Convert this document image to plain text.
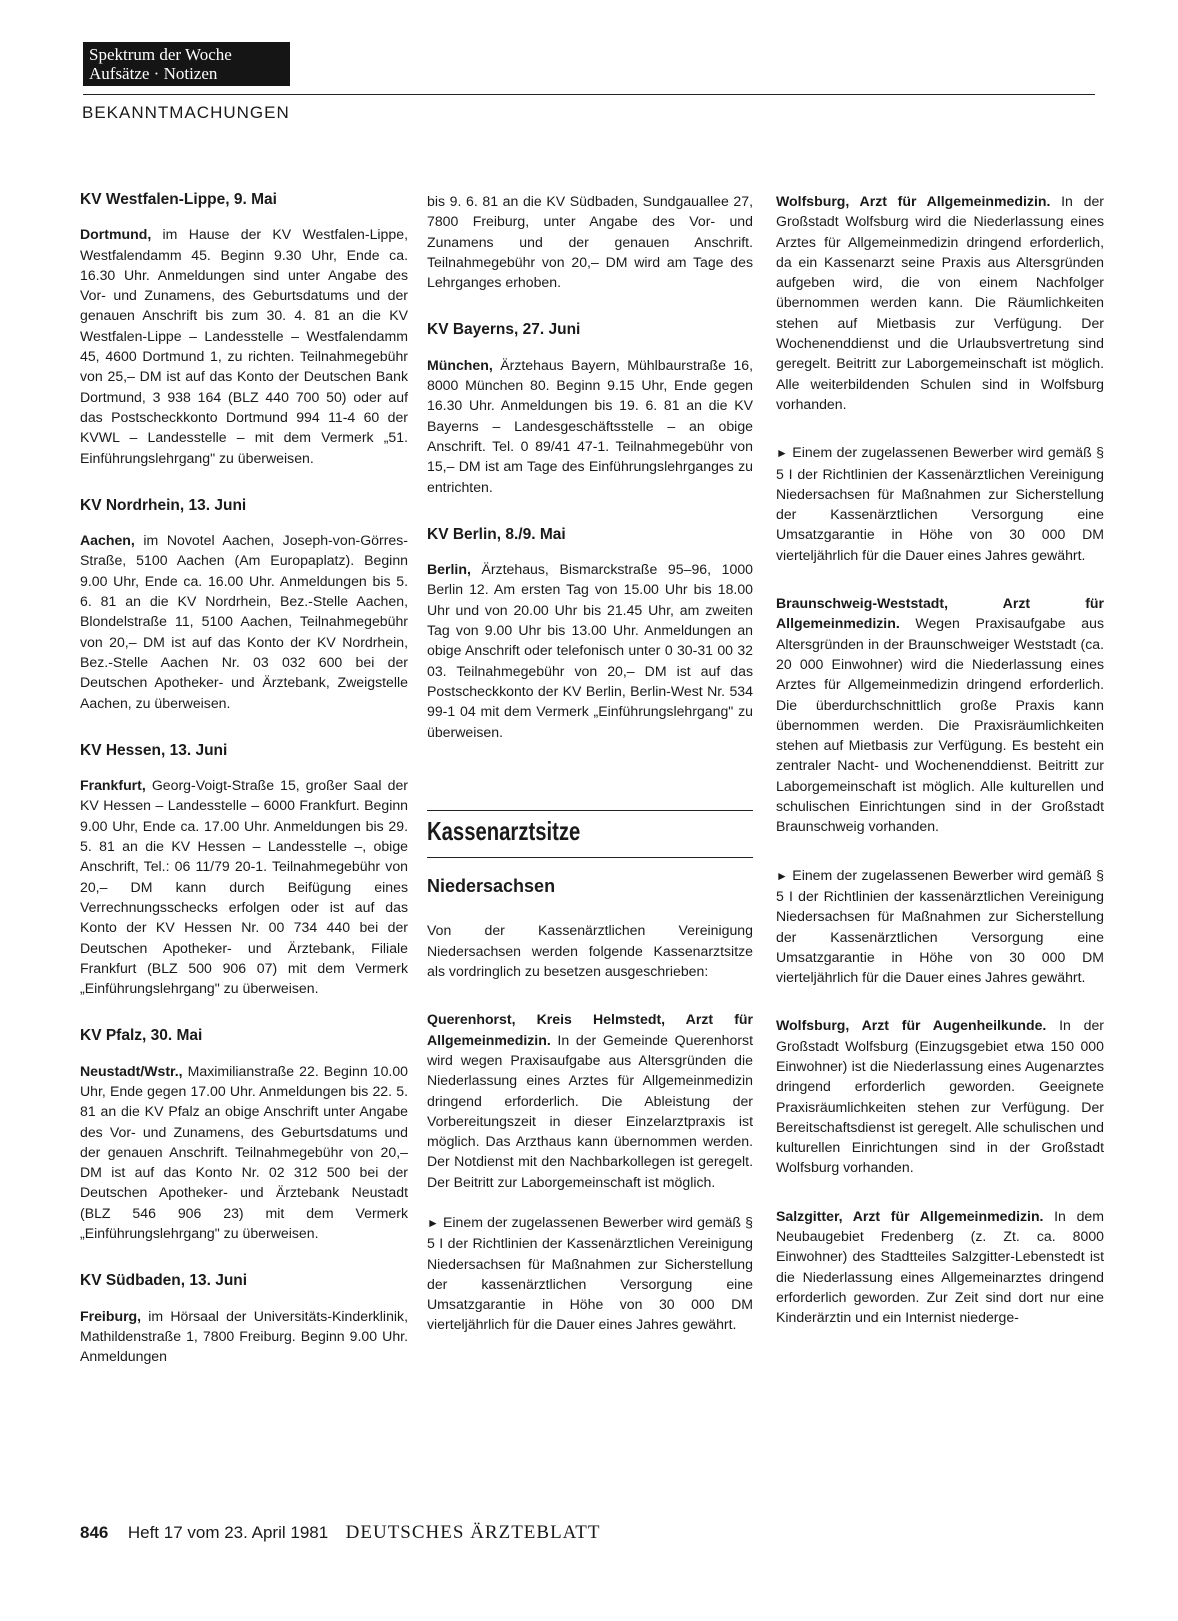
Spektrum der Woche
Aufsätze · Notizen
BEKANNTMACHUNGEN
KV Westfalen-Lippe, 9. Mai

Dortmund, im Hause der KV Westfalen-Lippe, Westfalendamm 45. Beginn 9.30 Uhr, Ende ca. 16.30 Uhr. Anmeldungen sind unter Angabe des Vor- und Zunamens, des Geburtsdatums und der genauen Anschrift bis zum 30. 4. 81 an die KV Westfalen-Lippe – Landesstelle – Westfalendamm 45, 4600 Dortmund 1, zu richten. Teilnahmegebühr von 25,– DM ist auf das Konto der Deutschen Bank Dortmund, 3 938 164 (BLZ 440 700 50) oder auf das Postscheckkonto Dortmund 994 11-4 60 der KVWL – Landesstelle – mit dem Vermerk „51. Einführungslehrgang" zu überweisen.

KV Nordrhein, 13. Juni

Aachen, im Novotel Aachen, Joseph-von-Görres-Straße, 5100 Aachen (Am Europaplatz). Beginn 9.00 Uhr, Ende ca. 16.00 Uhr. Anmeldungen bis 5. 6. 81 an die KV Nordrhein, Bez.-Stelle Aachen, Blondelstraße 11, 5100 Aachen, Teilnahmegebühr von 20,– DM ist auf das Konto der KV Nordrhein, Bez.-Stelle Aachen Nr. 03 032 600 bei der Deutschen Apotheker- und Ärztebank, Zweigstelle Aachen, zu überweisen.

KV Hessen, 13. Juni

Frankfurt, Georg-Voigt-Straße 15, großer Saal der KV Hessen – Landesstelle – 6000 Frankfurt. Beginn 9.00 Uhr, Ende ca. 17.00 Uhr. Anmeldungen bis 29. 5. 81 an die KV Hessen – Landesstelle –, obige Anschrift, Tel.: 06 11/79 20-1. Teilnahmegebühr von 20,– DM kann durch Beifügung eines Verrechnungsschecks erfolgen oder ist auf das Konto der KV Hessen Nr. 00 734 440 bei der Deutschen Apotheker- und Ärztebank, Filiale Frankfurt (BLZ 500 906 07) mit dem Vermerk „Einführungslehrgang" zu überweisen.

KV Pfalz, 30. Mai

Neustadt/Wstr., Maximilianstraße 22. Beginn 10.00 Uhr, Ende gegen 17.00 Uhr. Anmeldungen bis 22. 5. 81 an die KV Pfalz an obige Anschrift unter Angabe des Vor- und Zunamens, des Geburtsdatums und der genauen Anschrift. Teilnahmegebühr von 20,– DM ist auf das Konto Nr. 02 312 500 bei der Deutschen Apotheker- und Ärztebank Neustadt (BLZ 546 906 23) mit dem Vermerk „Einführungslehrgang" zu überweisen.

KV Südbaden, 13. Juni

Freiburg, im Hörsaal der Universitäts-Kinderklinik, Mathildenstraße 1, 7800 Freiburg. Beginn 9.00 Uhr. Anmeldungen

bis 9. 6. 81 an die KV Südbaden, Sundgauallee 27, 7800 Freiburg, unter Angabe des Vor- und Zunamens und der genauen Anschrift. Teilnahmegebühr von 20,– DM wird am Tage des Lehrganges erhoben.

KV Bayerns, 27. Juni

München, Ärztehaus Bayern, Mühlbaurstraße 16, 8000 München 80. Beginn 9.15 Uhr, Ende gegen 16.30 Uhr. Anmeldungen bis 19. 6. 81 an die KV Bayerns – Landesgeschäftsstelle – an obige Anschrift. Tel. 0 89/41 47-1. Teilnahmegebühr von 15,– DM ist am Tage des Einführungslehrganges zu entrichten.

KV Berlin, 8./9. Mai

Berlin, Ärztehaus, Bismarckstraße 95–96, 1000 Berlin 12. Am ersten Tag von 15.00 Uhr bis 18.00 Uhr und von 20.00 Uhr bis 21.45 Uhr, am zweiten Tag von 9.00 Uhr bis 13.00 Uhr. Anmeldungen an obige Anschrift oder telefonisch unter 0 30-31 00 32 03. Teilnahmegebühr von 20,– DM ist auf das Postscheckkonto der KV Berlin, Berlin-West Nr. 534 99-1 04 mit dem Vermerk „Einführungslehrgang" zu überweisen.

Kassenarztsitze
Niedersachsen

Von der Kassenärztlichen Vereinigung Niedersachsen werden folgende Kassenarztsitze als vordringlich zu besetzen ausgeschrieben:

Querenhorst, Kreis Helmstedt, Arzt für Allgemeinmedizin. In der Gemeinde Querenhorst wird wegen Praxisaufgabe aus Altersgründen die Niederlassung eines Arztes für Allgemeinmedizin dringend erforderlich. Die Ableistung der Vorbereitungszeit in dieser Einzelarztpraxis ist möglich. Das Arzthaus kann übernommen werden. Der Notdienst mit den Nachbarkollegen ist geregelt. Der Beitritt zur Laborgemeinschaft ist möglich.

► Einem der zugelassenen Bewerber wird gemäß § 5 I der Richtlinien der Kassenärztlichen Vereinigung Niedersachsen für Maßnahmen zur Sicherstellung der kassenärztlichen Versorgung eine Umsatzgarantie in Höhe von 30 000 DM vierteljährlich für die Dauer eines Jahres gewährt.

Wolfsburg, Arzt für Allgemeinmedizin. In der Großstadt Wolfsburg wird die Niederlassung eines Arztes für Allgemeinmedizin dringend erforderlich, da ein Kassenarzt seine Praxis aus Altersgründen aufgeben wird, die von einem Nachfolger übernommen werden kann. Die Räumlichkeiten stehen auf Mietbasis zur Verfügung. Der Wochenenddienst und die Urlaubsvertretung sind geregelt. Beitritt zur Laborgemeinschaft ist möglich. Alle weiterbildenden Schulen sind in Wolfsburg vorhanden.

► Einem der zugelassenen Bewerber wird gemäß § 5 I der Richtlinien der Kassenärztlichen Vereinigung Niedersachsen für Maßnahmen zur Sicherstellung der Kassenärztlichen Versorgung eine Umsatzgarantie in Höhe von 30 000 DM vierteljährlich für die Dauer eines Jahres gewährt.

Braunschweig-Weststadt, Arzt für Allgemeinmedizin. Wegen Praxisaufgabe aus Altersgründen in der Braunschweiger Weststadt (ca. 20 000 Einwohner) wird die Niederlassung eines Arztes für Allgemeinmedizin dringend erforderlich. Die überdurchschnittlich große Praxis kann übernommen werden. Die Praxisräumlichkeiten stehen auf Mietbasis zur Verfügung. Es besteht ein zentraler Nacht- und Wochenenddienst. Beitritt zur Laborgemeinschaft ist möglich. Alle kulturellen und schulischen Einrichtungen sind in der Großstadt Braunschweig vorhanden.

► Einem der zugelassenen Bewerber wird gemäß § 5 I der Richtlinien der kassenärztlichen Vereinigung Niedersachsen für Maßnahmen zur Sicherstellung der Kassenärztlichen Versorgung eine Umsatzgarantie in Höhe von 30 000 DM vierteljährlich für die Dauer eines Jahres gewährt.

Wolfsburg, Arzt für Augenheilkunde. In der Großstadt Wolfsburg (Einzugsgebiet etwa 150 000 Einwohner) ist die Niederlassung eines Augenarztes dringend erforderlich geworden. Geeignete Praxisräumlichkeiten stehen zur Verfügung. Der Bereitschaftsdienst ist geregelt. Alle schulischen und kulturellen Einrichtungen sind in der Großstadt Wolfsburg vorhanden.

Salzgitter, Arzt für Allgemeinmedizin. In dem Neubaugebiet Fredenberg (z. Zt. ca. 8000 Einwohner) des Stadtteiles Salzgitter-Lebenstedt ist die Niederlassung eines Allgemeinarztes dringend erforderlich geworden. Zur Zeit sind dort nur eine Kinderärztin und ein Internist niederge-

846 Heft 17 vom 23. April 1981 DEUTSCHES ÄRZTEBLATT
